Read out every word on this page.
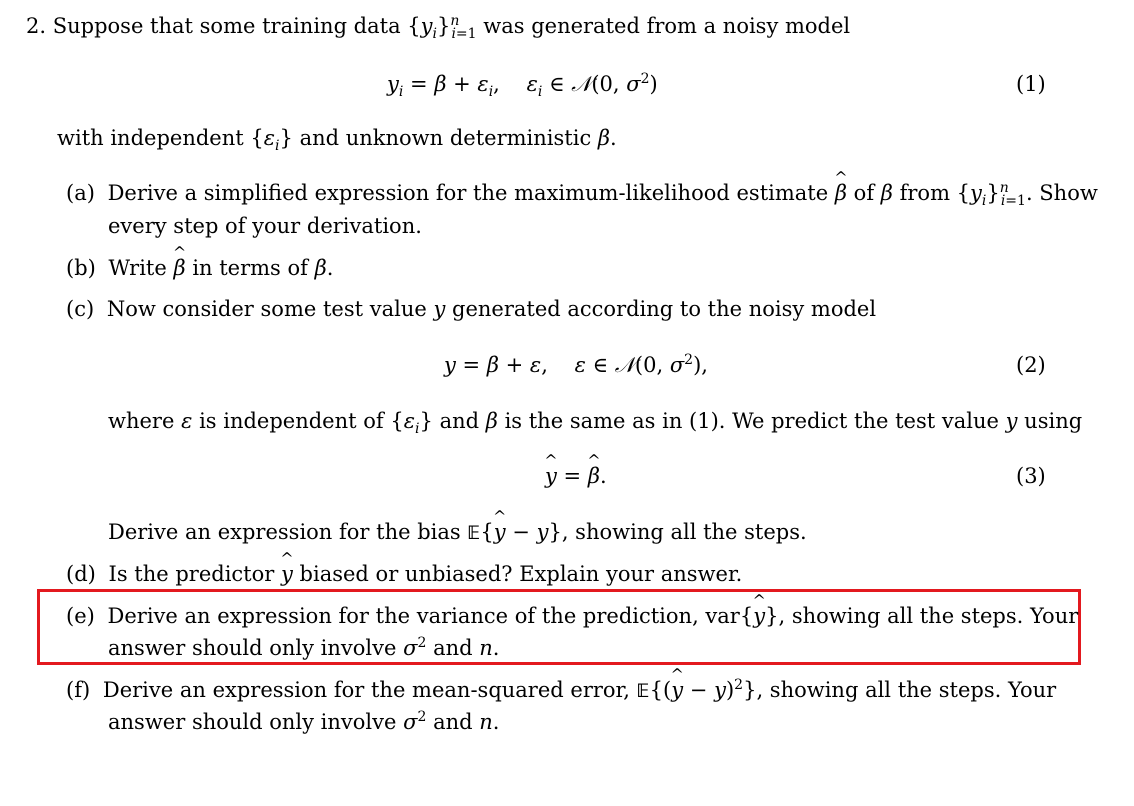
2. Suppose that some training data $\{y_i\}^n_{i=1}$ was generated from a noisy model
$y_i = \beta + \varepsilon_i$,    $\varepsilon_i$ ∈ 𝒩(0, $\sigma^2$)	(1)
with independent $\{\varepsilon_i\}$ and unknown deterministic β.
(a) Derive a simplified expression for the maximum-likelihood estimate β
^
of β from $\{y_i\}^n_{i=1}$. Show
every step of your derivation.
(b) Write β
^
in terms of β.
(c) Now consider some test value y generated according to the noisy model
y = β + ε,    ε ∈ 𝒩(0, $\sigma^2$),	(2)
where ε is independent of $\{\varepsilon_i\}$ and β is the same as in (1). We predict the test value y using
y
^
= β
^
.	(3)
Derive an expression for the bias 𝔼{y
^
− y}, showing all the steps.
(d) Is the predictor y
^
biased or unbiased? Explain your answer.
(e) Derive an expression for the variance of the prediction, var{y
^
}, showing all the steps. Your
answer should only involve $\sigma^2$ and n.
(f) Derive an expression for the mean-squared error, 𝔼{(y
^
− y)$^2$}, showing all the steps. Your
answer should only involve $\sigma^2$ and n.
